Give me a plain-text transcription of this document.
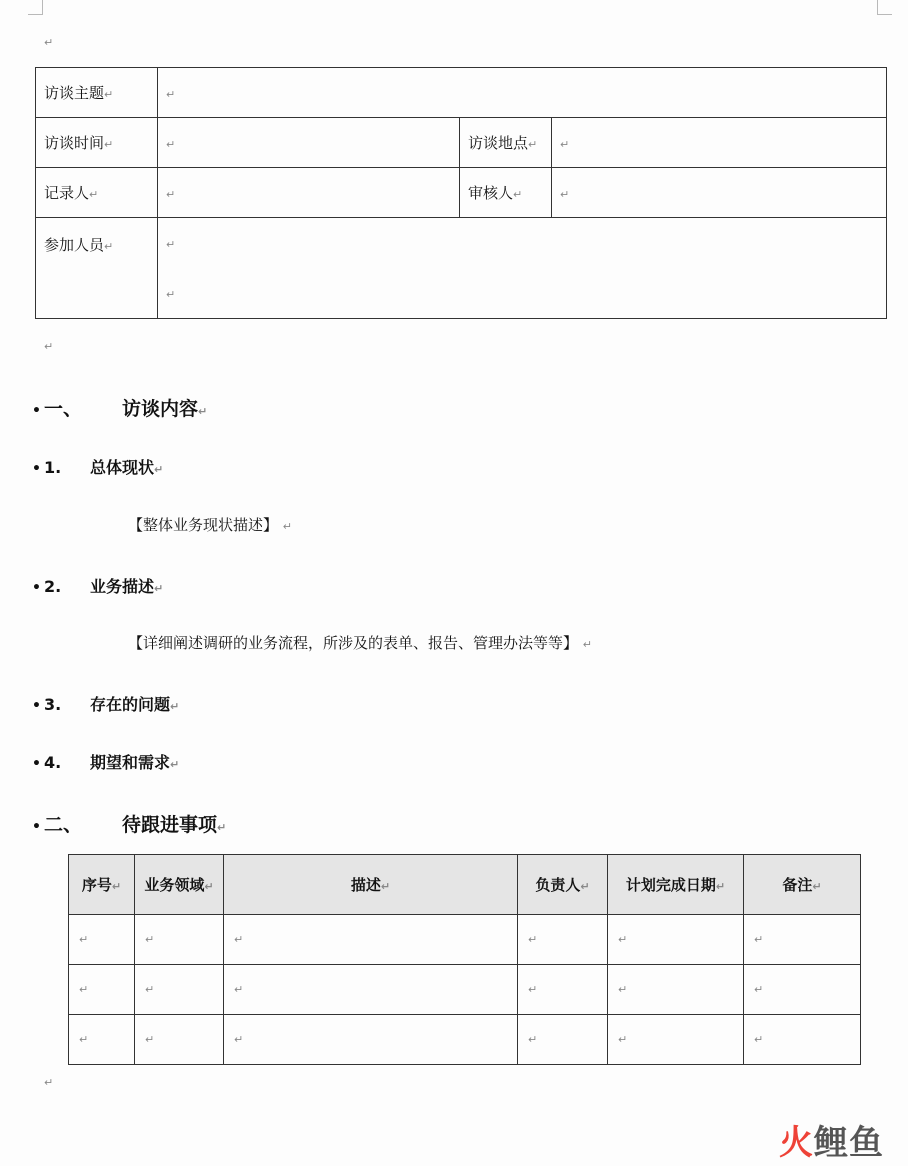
↵
访谈主题↵	↵		
访谈时间↵	↵	访谈地点↵	↵
记录人↵	↵	审核人↵	↵
参加人员↵	↵
↵		
↵
• 一、 访谈内容↵
• 1. 总体现状↵
【整体业务现状描述】 ↵
• 2. 业务描述↵
【详细阐述调研的业务流程，所涉及的表单、报告、管理办法等等】 ↵
• 3. 存在的问题↵
• 4. 期望和需求↵
• 二、 待跟进事项↵
序号↵	业务领域↵	描述↵	负责人↵	计划完成日期↵	备注↵
↵	↵	↵	↵	↵	↵
↵	↵	↵	↵	↵	↵
↵	↵	↵	↵	↵	↵
↵
火鲤鱼
